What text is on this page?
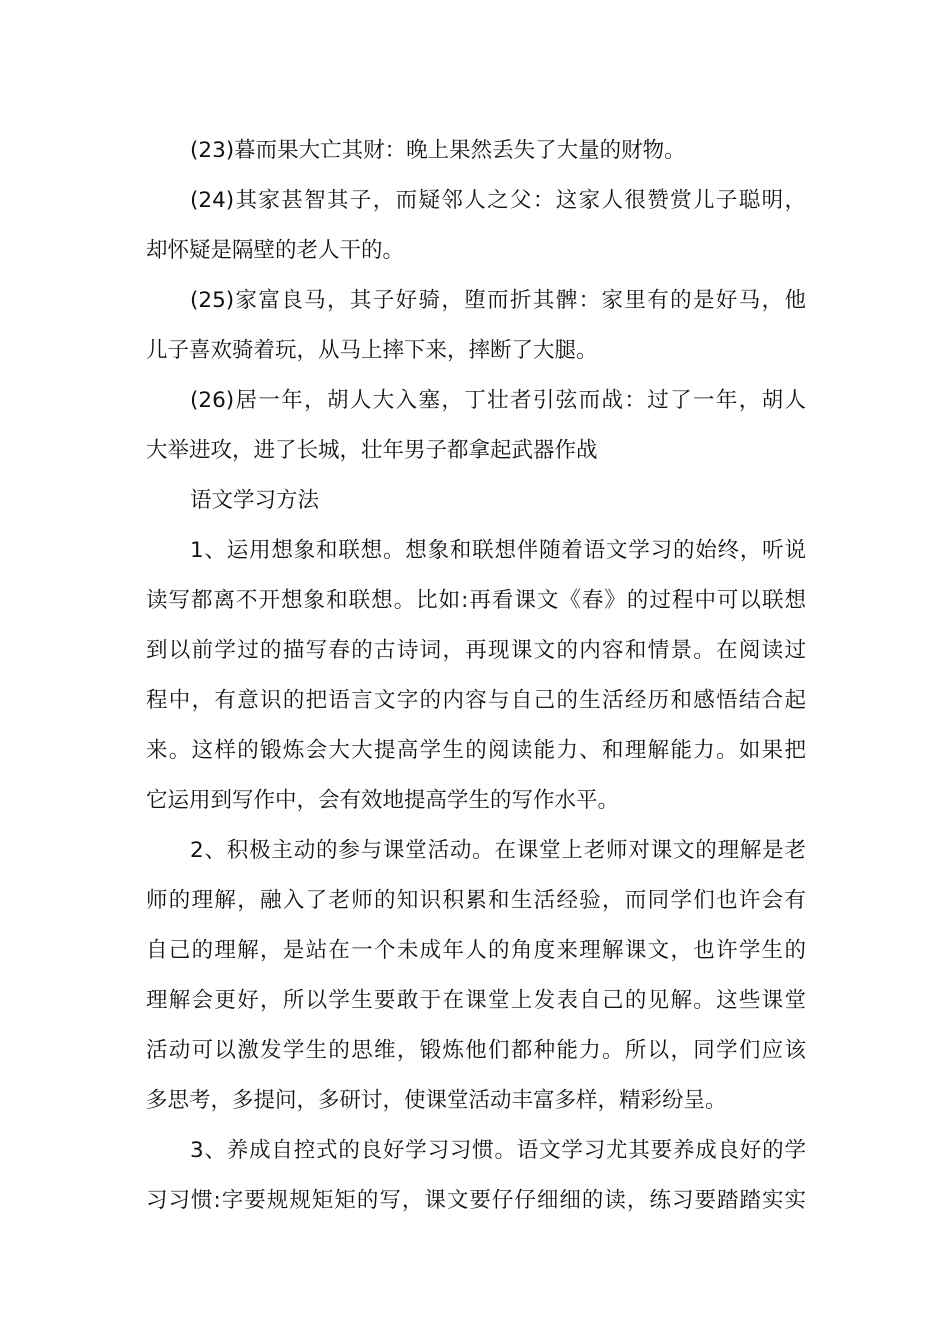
(23)暮而果大亡其财：晚上果然丢失了大量的财物。
(24)其家甚智其子，而疑邻人之父：这家人很赞赏儿子聪明，
却怀疑是隔壁的老人干的。
(25)家富良马，其子好骑，堕而折其髀：家里有的是好马，他
儿子喜欢骑着玩，从马上摔下来，摔断了大腿。
(26)居一年，胡人大入塞，丁壮者引弦而战：过了一年，胡人
大举进攻，进了长城，壮年男子都拿起武器作战
语文学习方法
1、运用想象和联想。想象和联想伴随着语文学习的始终，听说
读写都离不开想象和联想。比如:再看课文《春》的过程中可以联想
到以前学过的描写春的古诗词，再现课文的内容和情景。在阅读过
程中，有意识的把语言文字的内容与自己的生活经历和感悟结合起
来。这样的锻炼会大大提高学生的阅读能力、和理解能力。如果把
它运用到写作中，会有效地提高学生的写作水平。
2、积极主动的参与课堂活动。在课堂上老师对课文的理解是老
师的理解，融入了老师的知识积累和生活经验，而同学们也许会有
自己的理解，是站在一个未成年人的角度来理解课文，也许学生的
理解会更好，所以学生要敢于在课堂上发表自己的见解。这些课堂
活动可以激发学生的思维，锻炼他们都种能力。所以，同学们应该
多思考，多提问，多研讨，使课堂活动丰富多样，精彩纷呈。
3、养成自控式的良好学习习惯。语文学习尤其要养成良好的学
习习惯:字要规规矩矩的写，课文要仔仔细细的读，练习要踏踏实实
